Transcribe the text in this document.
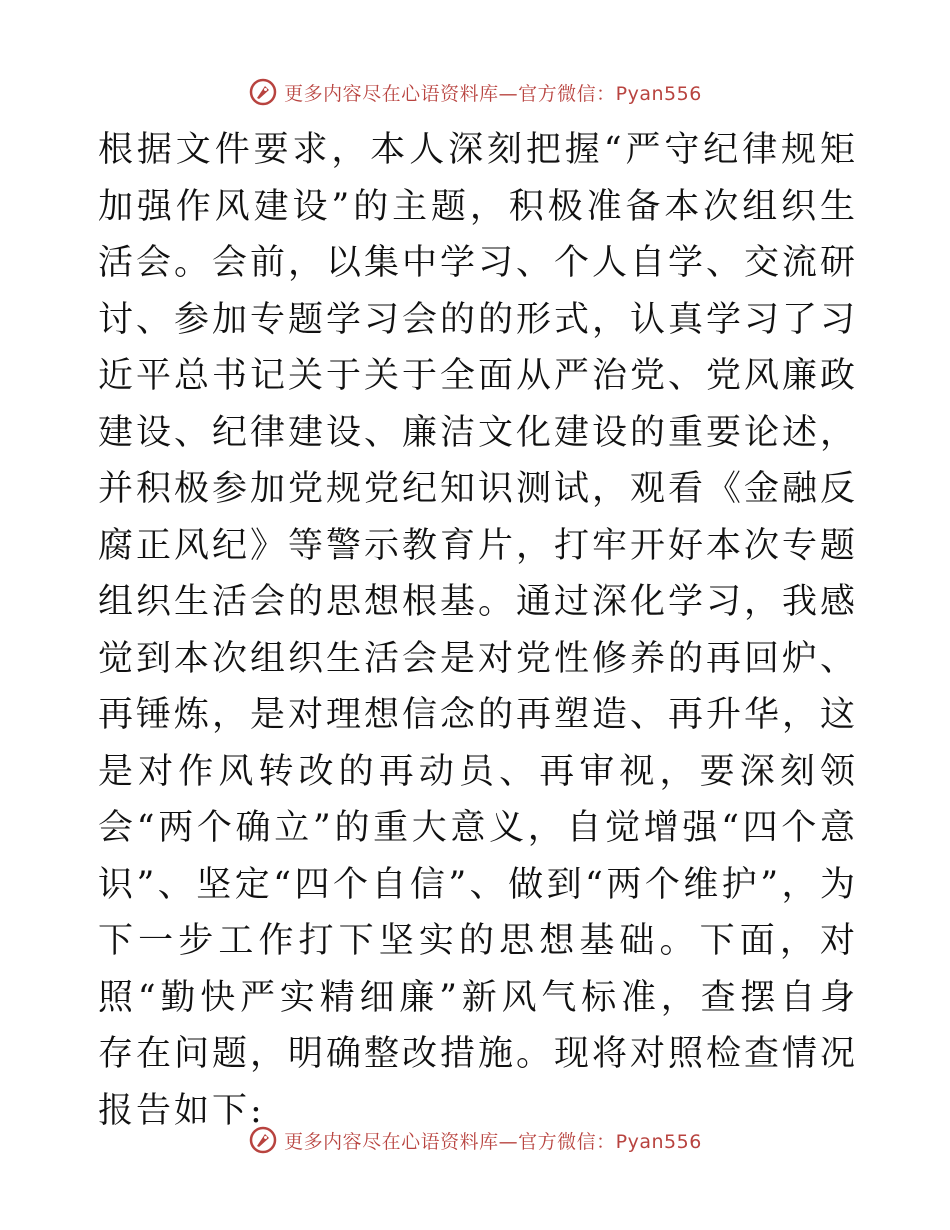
更多内容尽在心语资料库—官方微信：Pyan556

根据文件要求，本人深刻把握“严守纪律规矩 加强作风建设”的主题，积极准备本次组织生活会。会前，以集中学习、个人自学、交流研讨、参加专题学习会的的形式，认真学习了习近平总书记关于关于全面从严治党、党风廉政建设、纪律建设、廉洁文化建设的重要论述，并积极参加党规党纪知识测试，观看《金融反腐正风纪》等警示教育片，打牢开好本次专题组织生活会的思想根基。通过深化学习，我感觉到本次组织生活会是对党性修养的再回炉、再锤炼，是对理想信念的再塑造、再升华，这是对作风转改的再动员、再审视，要深刻领会“两个确立”的重大意义，自觉增强“四个意识”、坚定“四个自信”、做到“两个维护”，为下一步工作打下坚实的思想基础。下面，对照“勤快严实精细廉”新风气标准，查摆自身存在问题，明确整改措施。现将对照检查情况报告如下:

更多内容尽在心语资料库—官方微信：Pyan556
